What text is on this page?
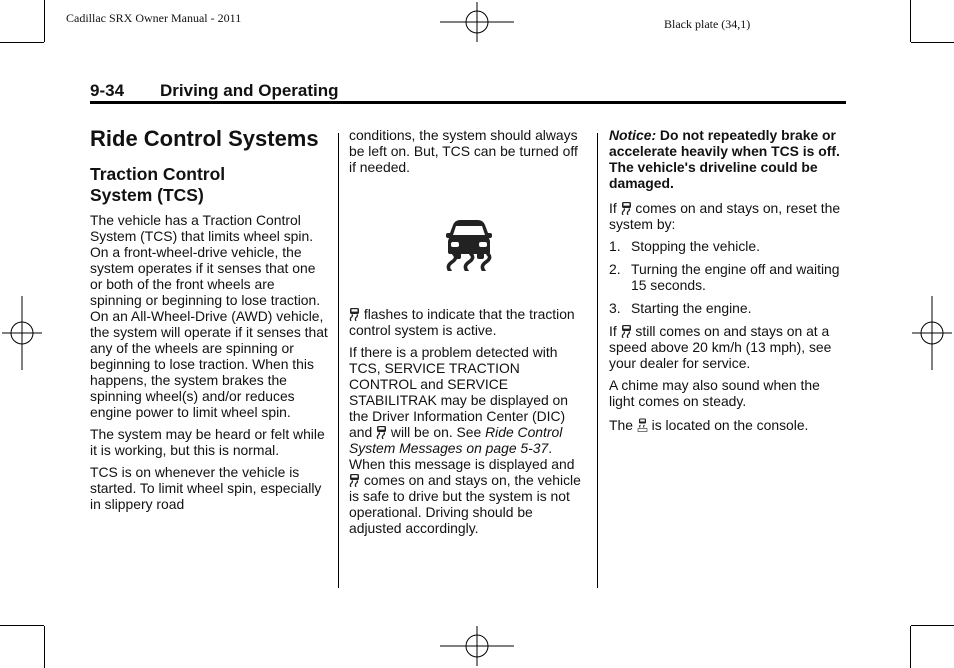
Cadillac SRX Owner Manual - 2011	Black plate (34,1)
9-34 Driving and Operating
Ride Control Systems
Traction Control
System (TCS)

The vehicle has a Traction Control System (TCS) that limits wheel spin. On a front-wheel-drive vehicle, the system operates if it senses that one or both of the front wheels are spinning or beginning to lose traction. On an All-Wheel-Drive (AWD) vehicle, the system will operate if it senses that any of the wheels are spinning or beginning to lose traction. When this happens, the system brakes the spinning wheel(s) and/or reduces engine power to limit wheel spin.

The system may be heard or felt while it is working, but this is normal.

TCS is on whenever the vehicle is started. To limit wheel spin, especially in slippery road

conditions, the system should always be left on. But, TCS can be turned off if needed.

flashes to indicate that the traction control system is active.

If there is a problem detected with TCS, SERVICE TRACTION CONTROL and SERVICE STABILITRAK may be displayed on the Driver Information Center (DIC) and  will be on. See Ride Control System Messages on page 5-37. When this message is displayed and  comes on and stays on, the vehicle is safe to drive but the system is not operational. Driving should be adjusted accordingly.

Notice: Do not repeatedly brake or accelerate heavily when TCS is off. The vehicle's driveline could be damaged.

If  comes on and stays on, reset the system by:

1. Stopping the vehicle.
2. Turning the engine off and waiting 15 seconds.
3. Starting the engine.

If  still comes on and stays on at a speed above 20 km/h (13 mph), see your dealer for service.

A chime may also sound when the light comes on steady.

The  is located on the console.
